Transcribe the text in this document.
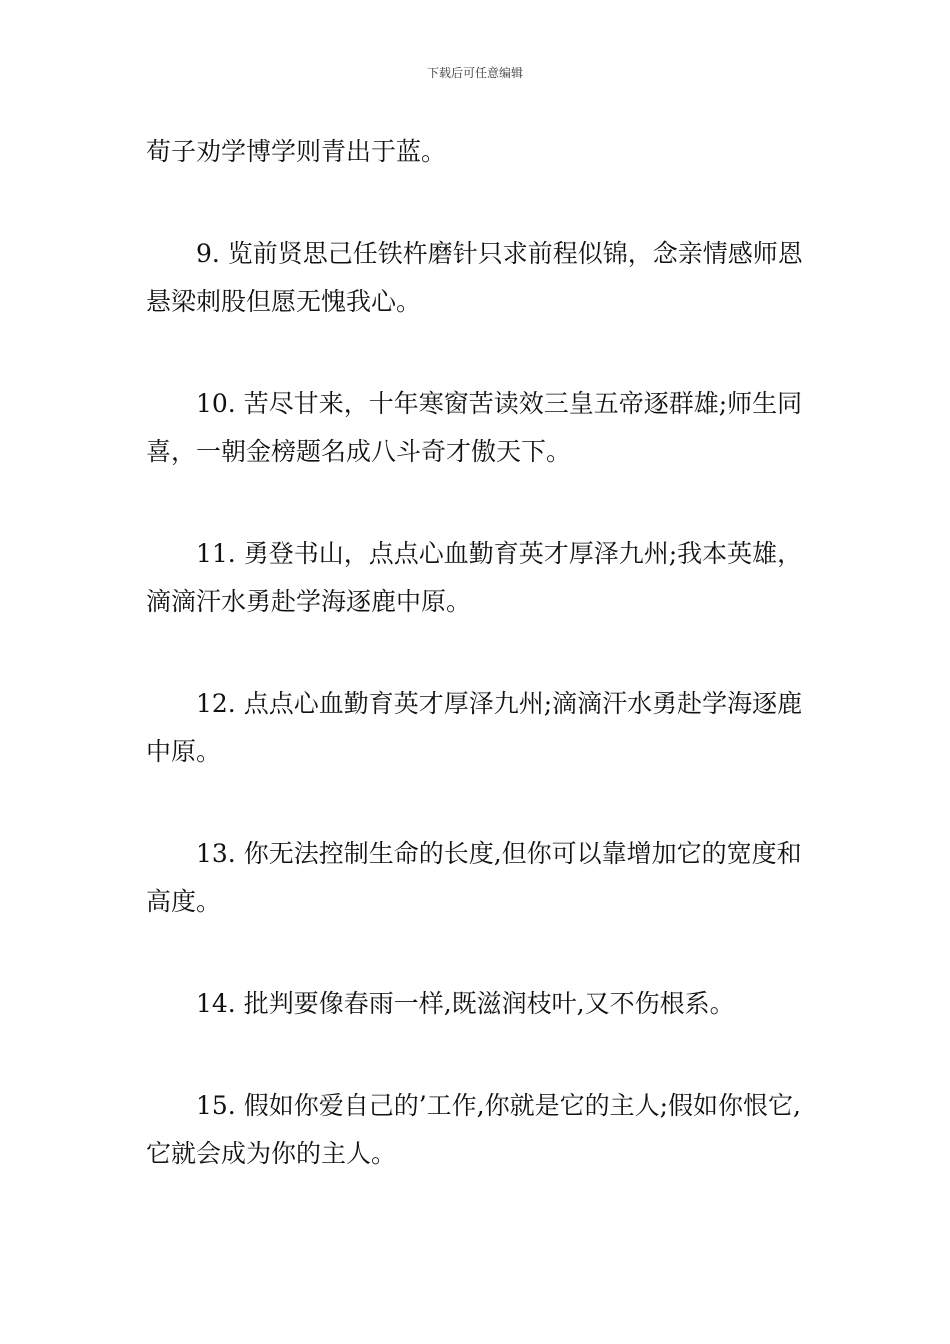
下载后可任意编辑

荀子劝学博学则青出于蓝。

9. 览前贤思己任铁杵磨针只求前程似锦，念亲情感师恩悬梁刺股但愿无愧我心。

10. 苦尽甘来，十年寒窗苦读效三皇五帝逐群雄;师生同喜，一朝金榜题名成八斗奇才傲天下。

11. 勇登书山，点点心血勤育英才厚泽九州;我本英雄，滴滴汗水勇赴学海逐鹿中原。

12. 点点心血勤育英才厚泽九州;滴滴汗水勇赴学海逐鹿中原。

13. 你无法控制生命的长度,但你可以靠增加它的宽度和高度。

14. 批判要像春雨一样,既滋润枝叶,又不伤根系。

15. 假如你爱自己的’工作,你就是它的主人;假如你恨它,它就会成为你的主人。
